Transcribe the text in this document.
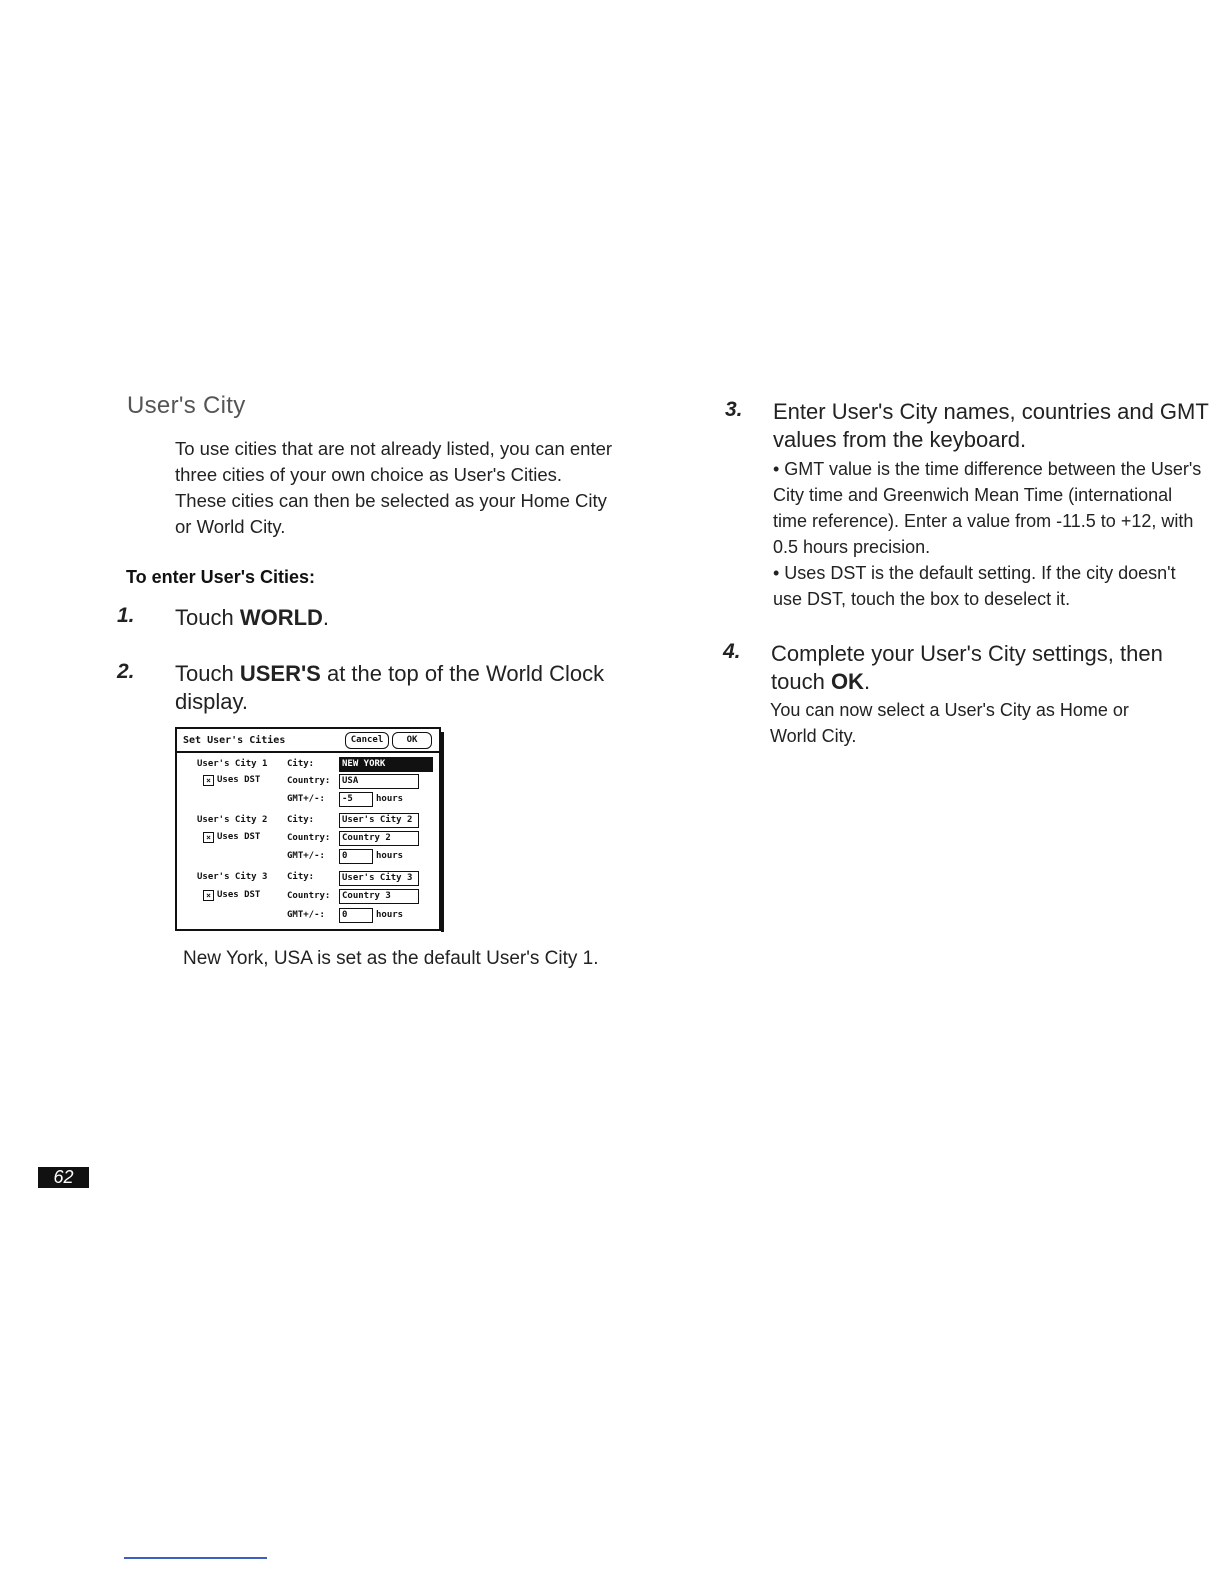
User's City

To use cities that are not already listed, you can enter three cities of your own choice as User's Cities. These cities can then be selected as your Home City or World City.

To enter User's Cities:

1. Touch WORLD.

2. Touch USER'S at the top of the World Clock display.

Set User's Cities	Cancel	OK
User's City 1
× Uses DST
City:	NEW YORK
Country:	USA
GMT+/-:	-5	hours
User's City 2
× Uses DST
City:	User's City 2
Country:	Country 2
GMT+/-:	0	hours
User's City 3
× Uses DST
City:	User's City 3
Country:	Country 3
GMT+/-:	0	hours

New York, USA is set as the default User's City 1.

3. Enter User's City names, countries and GMT values from the keyboard.

• GMT value is the time difference between the User's City time and Greenwich Mean Time (international time reference). Enter a value from -11.5 to +12, with 0.5 hours precision.

• Uses DST is the default setting. If the city doesn't use DST, touch the box to deselect it.

4. Complete your User's City settings, then touch OK.

You can now select a User's City as Home or World City.

62
